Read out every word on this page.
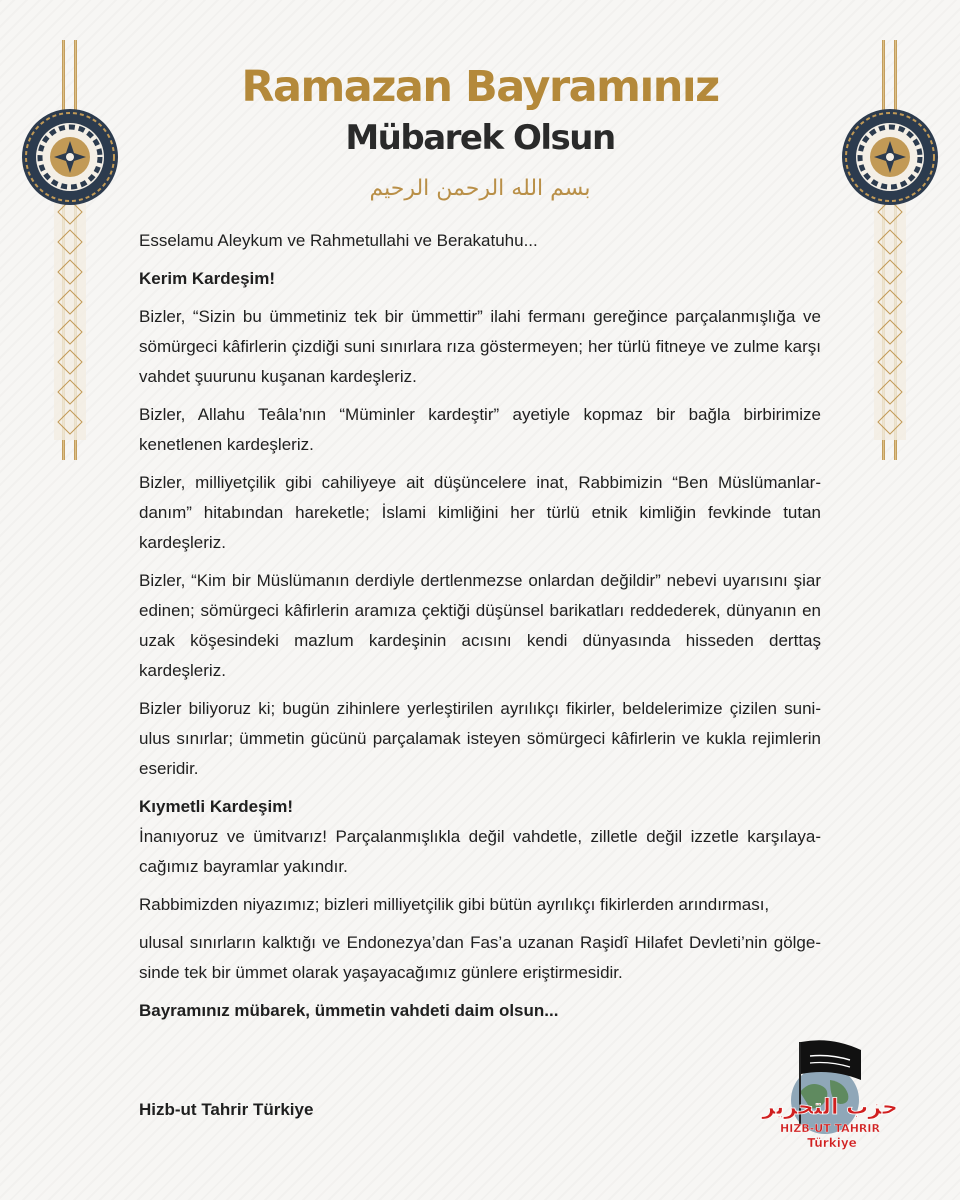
Ramazan Bayramınız
Mübarek Olsun
بسم الله الرحمن الرحيم

Esselamu Aleykum ve Rahmetullahi ve Berakatuhu...

Kerim Kardeşim!

Bizler, “Sizin bu ümmetiniz tek bir ümmettir” ilahi fermanı gereğince parçalanmışlığa ve sömürgeci kâfirlerin çizdiği suni sınırlara rıza göstermeyen; her türlü fitneye ve zulme karşı vahdet şuurunu kuşanan kardeşleriz.

Bizler, Allahu Teâla’nın “Müminler kardeştir” ayetiyle kopmaz bir bağla birbirimize kenetlenen kardeşleriz.

Bizler, milliyetçilik gibi cahiliyeye ait düşüncelere inat, Rabbimizin “Ben Müslümanlar-danım” hitabından hareketle; İslami kimliğini her türlü etnik kimliğin fevkinde tutan kardeşleriz.

Bizler, “Kim bir Müslümanın derdiyle dertlenmezse onlardan değildir” nebevi uyarısını şiar edinen; sömürgeci kâfirlerin aramıza çektiği düşünsel barikatları reddederek, dünyanın en uzak köşesindeki mazlum kardeşinin acısını kendi dünyasında hisseden derttaş kardeşleriz.

Bizler biliyoruz ki; bugün zihinlere yerleştirilen ayrılıkçı fikirler, beldelerimize çizilen suni-ulus sınırlar; ümmetin gücünü parçalamak isteyen sömürgeci kâfirlerin ve kukla rejimlerin eseridir.

Kıymetli Kardeşim!

İnanıyoruz ve ümitvarız! Parçalanmışlıkla değil vahdetle, zilletle değil izzetle karşılaya-cağımız bayramlar yakındır.

Rabbimizden niyazımız; bizleri milliyetçilik gibi bütün ayrılıkçı fikirlerden arındırması,

ulusal sınırların kalktığı ve Endonezya’dan Fas’a uzanan Raşidî Hilafet Devleti’nin gölge-sinde tek bir ümmet olarak yaşayacağımız günlere eriştirmesidir.

Bayramınız mübarek, ümmetin vahdeti daim olsun...

Hizb-ut Tahrir Türkiye	حزب التحرير
HIZB-UT TAHRIR
Türkiye
